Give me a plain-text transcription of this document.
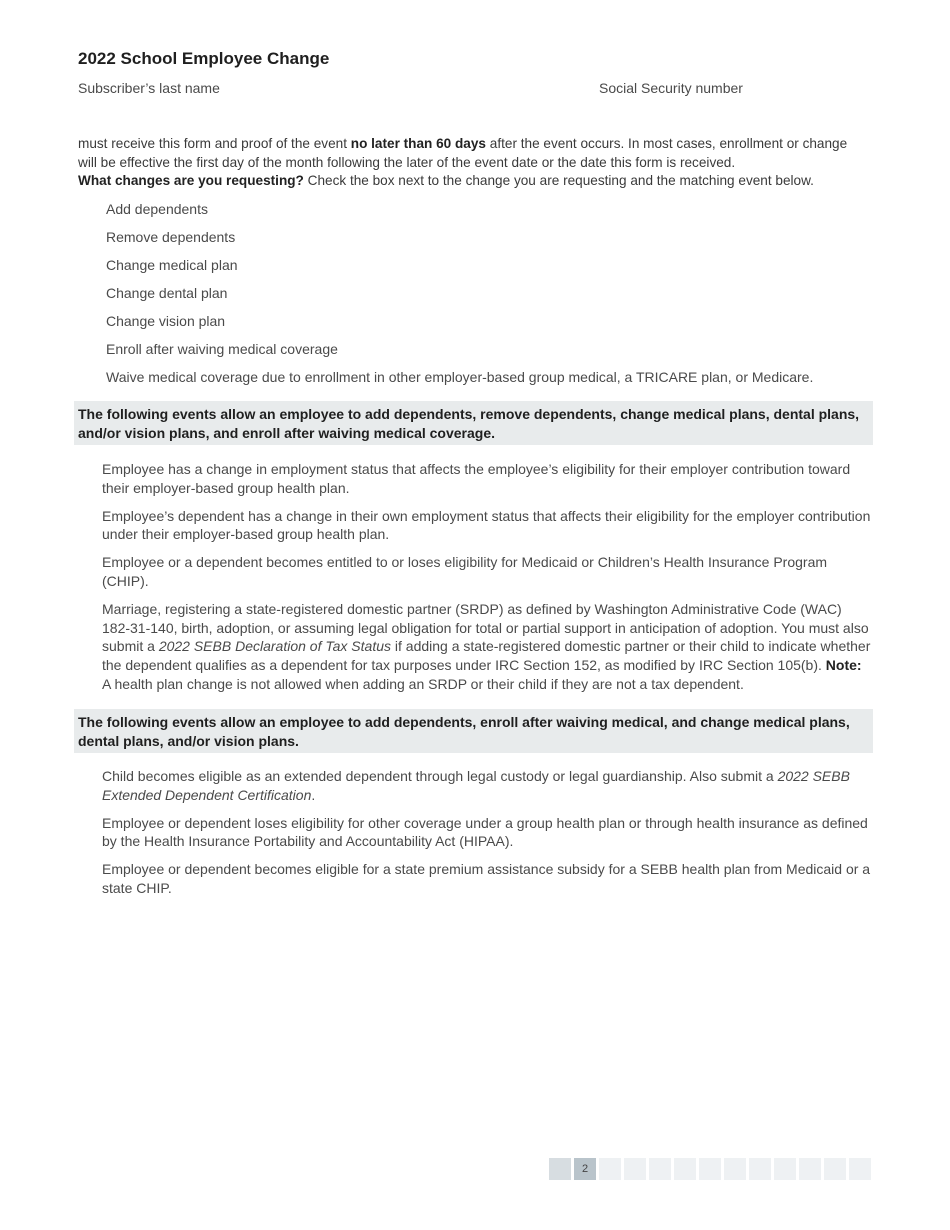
2022 School Employee Change
Subscriber’s last name	Social Security number

must receive this form and proof of the event no later than 60 days after the event occurs. In most cases, enrollment or change will be effective the first day of the month following the later of the event date or the date this form is received.

What changes are you requesting? Check the box next to the change you are requesting and the matching event below.

Add dependents
Remove dependents
Change medical plan
Change dental plan
Change vision plan
Enroll after waiving medical coverage
Waive medical coverage due to enrollment in other employer-based group medical, a TRICARE plan, or Medicare.
The following events allow an employee to add dependents, remove dependents, change medical plans, dental plans, and/or vision plans, and enroll after waiving medical coverage.

Employee has a change in employment status that affects the employee’s eligibility for their employer contribution toward their employer-based group health plan.

Employee’s dependent has a change in their own employment status that affects their eligibility for the employer contribution under their employer-based group health plan.

Employee or a dependent becomes entitled to or loses eligibility for Medicaid or Children’s Health Insurance Program (CHIP).

Marriage, registering a state-registered domestic partner (SRDP) as defined by Washington Administrative Code (WAC) 182-31-140, birth, adoption, or assuming legal obligation for total or partial support in anticipation of adoption. You must also submit a 2022 SEBB Declaration of Tax Status if adding a state-registered domestic partner or their child to indicate whether the dependent qualifies as a dependent for tax purposes under IRC Section 152, as modified by IRC Section 105(b). Note: A health plan change is not allowed when adding an SRDP or their child if they are not a tax dependent.

The following events allow an employee to add dependents, enroll after waiving medical, and change medical plans, dental plans, and/or vision plans.

Child becomes eligible as an extended dependent through legal custody or legal guardianship. Also submit a 2022 SEBB Extended Dependent Certification.

Employee or dependent loses eligibility for other coverage under a group health plan or through health insurance as defined by the Health Insurance Portability and Accountability Act (HIPAA).

Employee or dependent becomes eligible for a state premium assistance subsidy for a SEBB health plan from Medicaid or a state CHIP.

2
